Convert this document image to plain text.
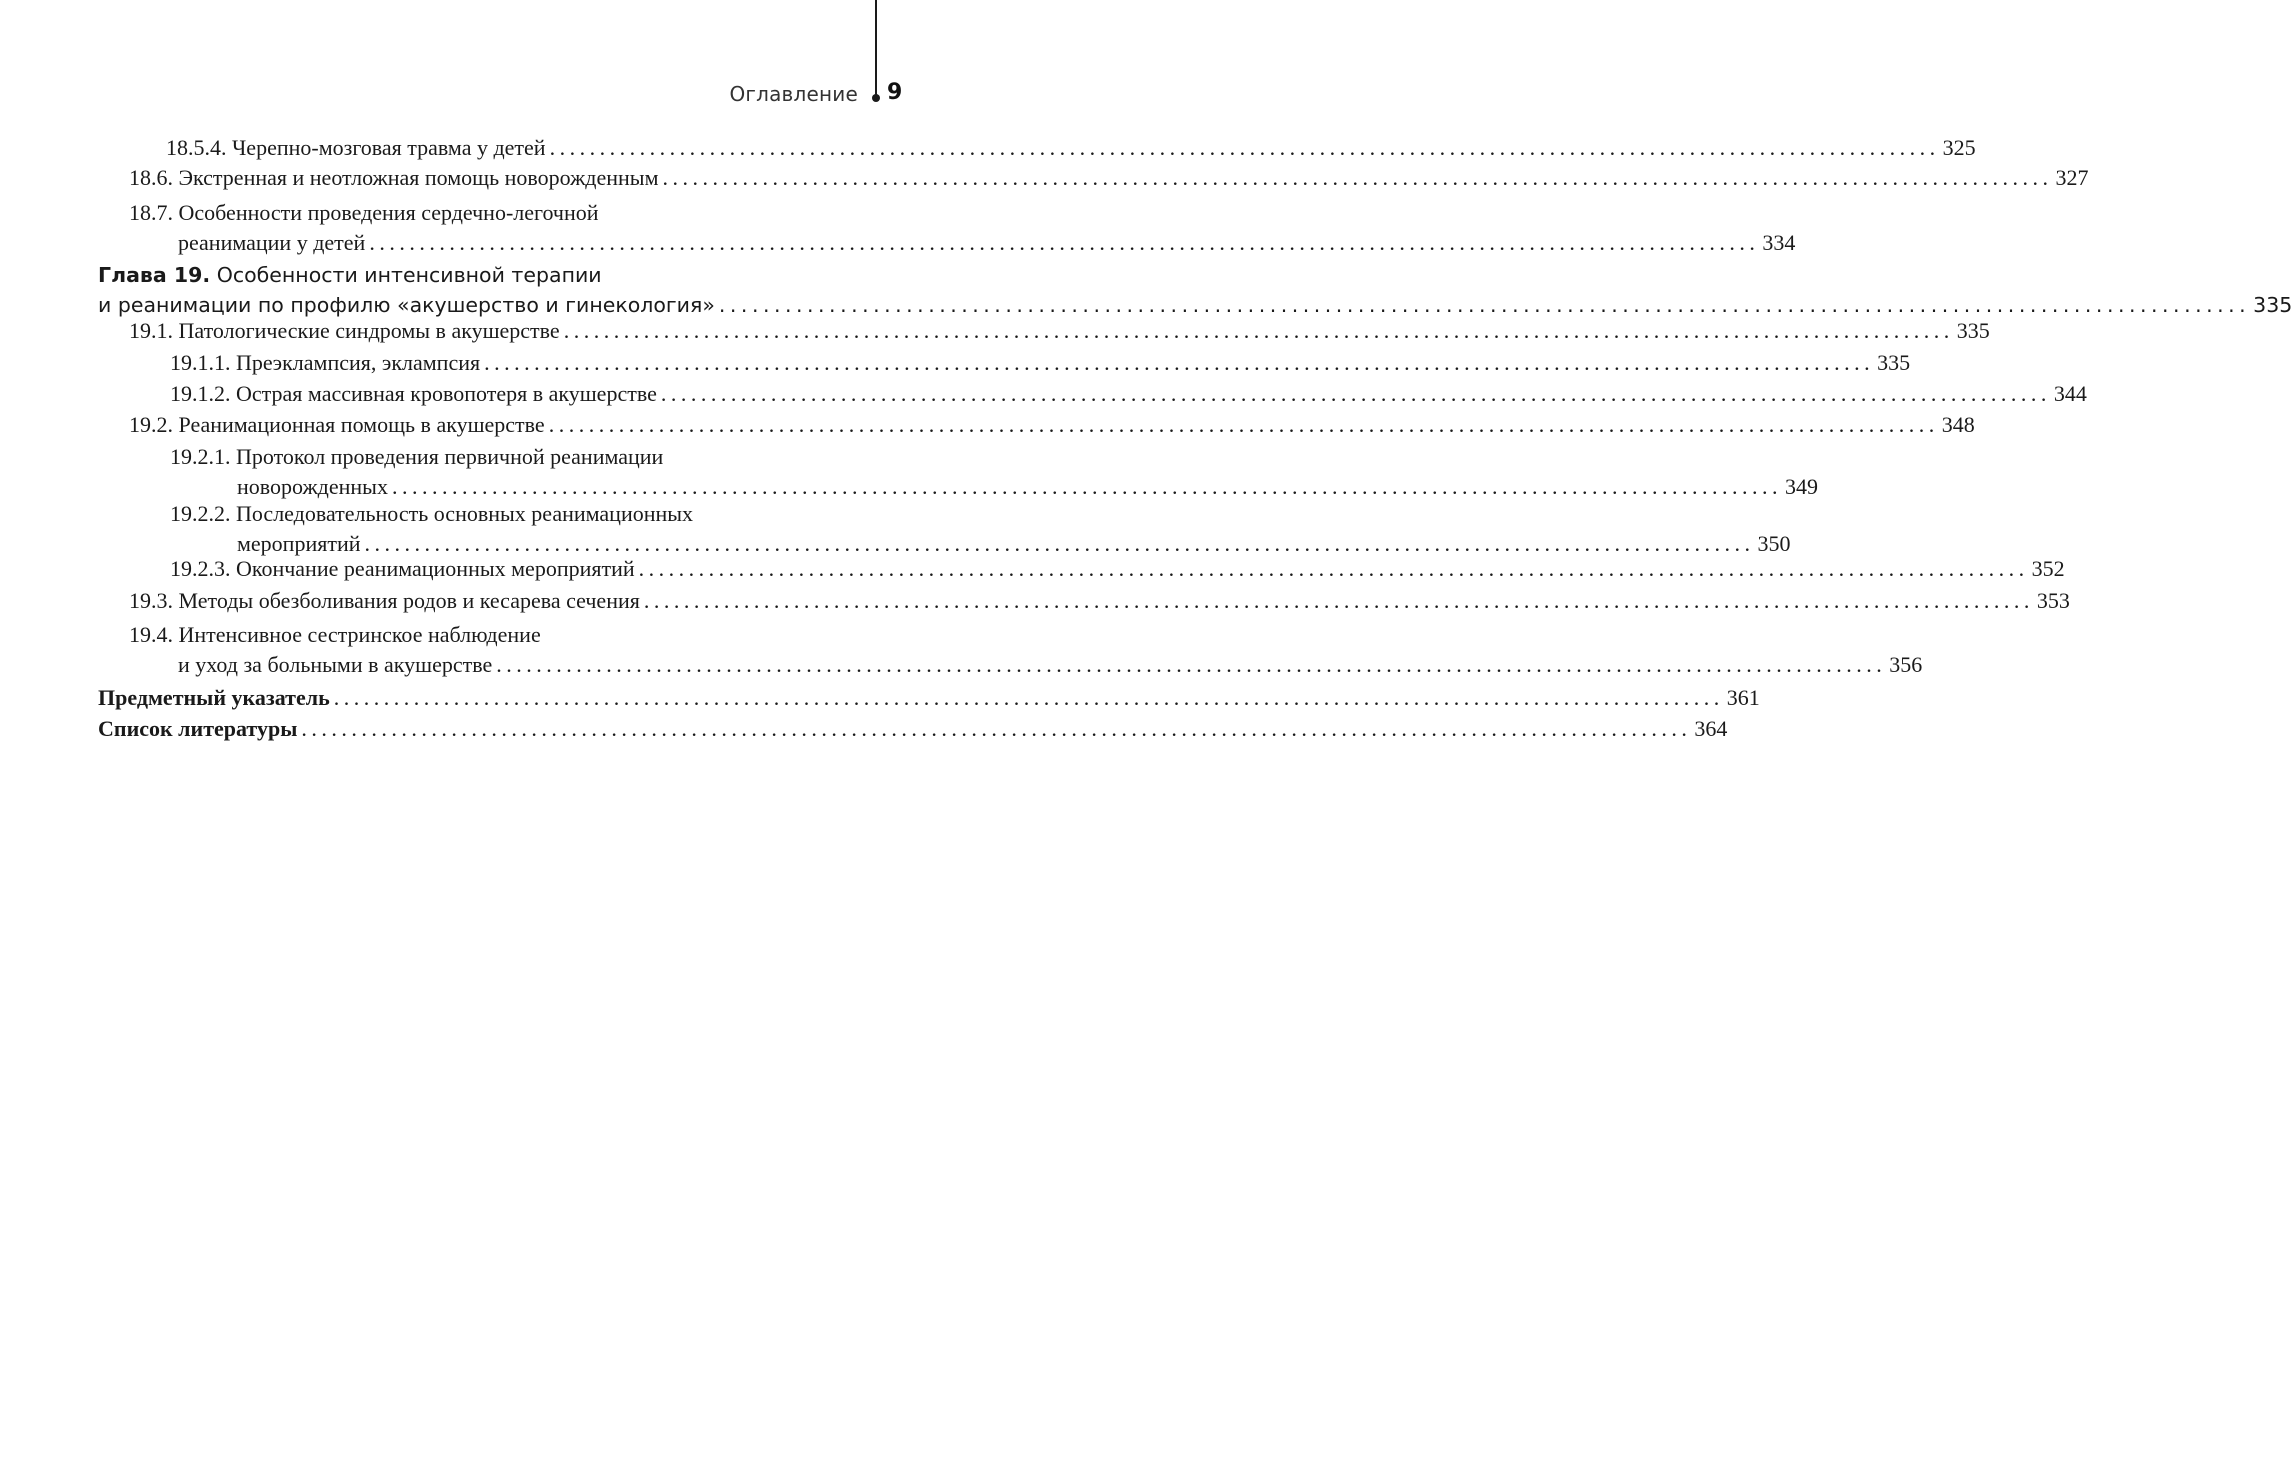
Оглавление 9
18.5.4. Черепно-мозговая травма у детей ........................................................................................................................................... 325
18.6. Экстренная и неотложная помощь новорожденным ........................................................................................................................................... 327
18.7. Особенности проведения сердечно-легочной
реанимации у детей ........................................................................................................................................... 334
Глава 19. Особенности интенсивной терапии
и реанимации по профилю «акушерство и гинекология» ........................................................................................................................................... 335
19.1. Патологические синдромы в акушерстве ........................................................................................................................................... 335
19.1.1. Преэклампсия, эклампсия ........................................................................................................................................... 335
19.1.2. Острая массивная кровопотеря в акушерстве ........................................................................................................................................... 344
19.2. Реанимационная помощь в акушерстве ........................................................................................................................................... 348
19.2.1. Протокол проведения первичной реанимации
новорожденных ........................................................................................................................................... 349
19.2.2. Последовательность основных реанимационных
мероприятий ........................................................................................................................................... 350
19.2.3. Окончание реанимационных мероприятий ........................................................................................................................................... 352
19.3. Методы обезболивания родов и кесарева сечения ........................................................................................................................................... 353
19.4. Интенсивное сестринское наблюдение
и уход за больными в акушерстве ........................................................................................................................................... 356
Предметный указатель ........................................................................................................................................... 361
Список литературы ........................................................................................................................................... 364
